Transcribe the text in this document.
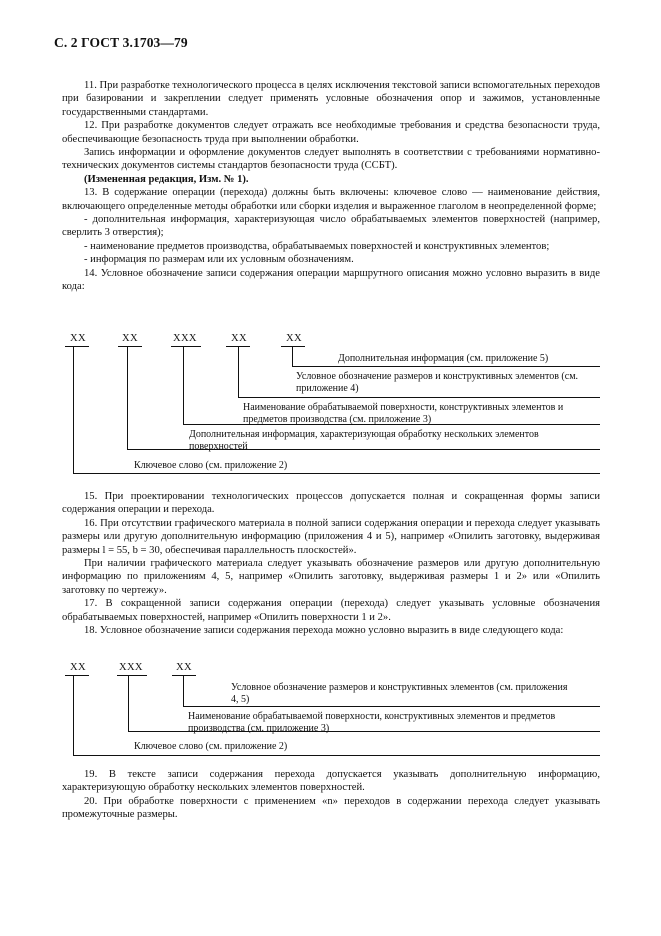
С. 2 ГОСТ 3.1703—79

11. При разработке технологического процесса в целях исключения текстовой записи вспомогательных переходов при базировании и закреплении следует применять условные обозначения опор и зажимов, установленные государственными стандартами.

12. При разработке документов следует отражать все необходимые требования и средства безопасности труда, обеспечивающие безопасность труда при выполнении обработки.

Запись информации и оформление документов следует выполнять в соответствии с требованиями нормативно-технических документов системы стандартов безопасности труда (ССБТ).

(Измененная редакция, Изм. № 1).

13. В содержание операции (перехода) должны быть включены: ключевое слово — наименование действия, включающего определенные методы обработки или сборки изделия и выраженное глаголом в неопределенной форме;

- дополнительная информация, характеризующая число обрабатываемых элементов поверхностей (например, сверлить 3 отверстия);

- наименование предметов производства, обрабатываемых поверхностей и конструктивных элементов;

- информация по размерам или их условным обозначениям.

14. Условное обозначение записи содержания операции маршрутного описания можно условно выразить в виде кода:

ХХ	ХХ	ХХХ	ХХ	ХХ
Дополнительная информация (см. приложение 5)
Условное обозначение размеров и конструктивных элементов (см. приложение 4)
Наименование обрабатываемой поверхности, конструктивных элементов и предметов производства (см. приложение 3)
Дополнительная информация, характеризующая обработку нескольких элементов поверхностей
Ключевое слово (см. приложение 2)

15. При проектировании технологических процессов допускается полная и сокращенная формы записи содержания операции и перехода.

16. При отсутствии графического материала в полной записи содержания операции и перехода следует указывать размеры или другую дополнительную информацию (приложения 4 и 5), например «Опилить заготовку, выдерживая размеры l = 55, b = 30, обеспечивая параллельность плоскостей».

При наличии графического материала следует указывать обозначение размеров или другую дополнительную информацию по приложениям 4, 5, например «Опилить заготовку, выдерживая размеры 1 и 2» или «Опилить заготовку по чертежу».

17. В сокращенной записи содержания операции (перехода) следует указывать условные обозначения обрабатываемых поверхностей, например «Опилить поверхности 1 и 2».

18. Условное обозначение записи содержания перехода можно условно выразить в виде следующего кода:

ХХ	ХХХ	ХХ
Условное обозначение размеров и конструктивных элементов (см. приложения 4, 5)
Наименование обрабатываемой поверхности, конструктивных элементов и предметов производства (см. приложение 3)
Ключевое слово (см. приложение 2)

19. В тексте записи содержания перехода допускается указывать дополнительную информацию, характеризующую обработку нескольких элементов поверхностей.

20. При обработке поверхности с применением «n» переходов в содержании перехода следует указывать промежуточные размеры.
